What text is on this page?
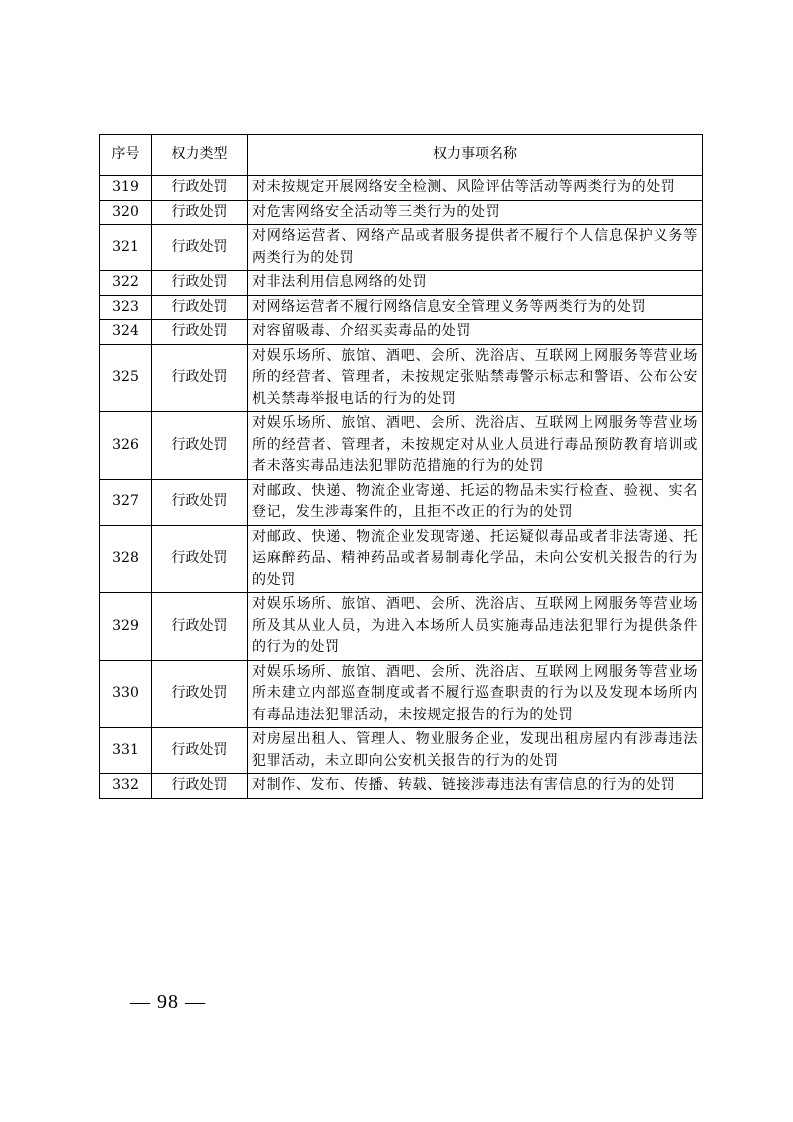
序号	权力类型	权力事项名称
319	行政处罚	对未按规定开展网络安全检测、风险评估等活动等两类行为的处罚
320	行政处罚	对危害网络安全活动等三类行为的处罚
321	行政处罚	对网络运营者、网络产品或者服务提供者不履行个人信息保护义务等两类行为的处罚
322	行政处罚	对非法利用信息网络的处罚
323	行政处罚	对网络运营者不履行网络信息安全管理义务等两类行为的处罚
324	行政处罚	对容留吸毒、介绍买卖毒品的处罚
325	行政处罚	对娱乐场所、旅馆、酒吧、会所、洗浴店、互联网上网服务等营业场所的经营者、管理者，未按规定张贴禁毒警示标志和警语、公布公安机关禁毒举报电话的行为的处罚
326	行政处罚	对娱乐场所、旅馆、酒吧、会所、洗浴店、互联网上网服务等营业场所的经营者、管理者，未按规定对从业人员进行毒品预防教育培训或者未落实毒品违法犯罪防范措施的行为的处罚
327	行政处罚	对邮政、快递、物流企业寄递、托运的物品未实行检查、验视、实名登记，发生涉毒案件的，且拒不改正的行为的处罚
328	行政处罚	对邮政、快递、物流企业发现寄递、托运疑似毒品或者非法寄递、托运麻醉药品、精神药品或者易制毒化学品，未向公安机关报告的行为的处罚
329	行政处罚	对娱乐场所、旅馆、酒吧、会所、洗浴店、互联网上网服务等营业场所及其从业人员，为进入本场所人员实施毒品违法犯罪行为提供条件的行为的处罚
330	行政处罚	对娱乐场所、旅馆、酒吧、会所、洗浴店、互联网上网服务等营业场所未建立内部巡查制度或者不履行巡查职责的行为以及发现本场所内有毒品违法犯罪活动，未按规定报告的行为的处罚
331	行政处罚	对房屋出租人、管理人、物业服务企业，发现出租房屋内有涉毒违法犯罪活动，未立即向公安机关报告的行为的处罚
332	行政处罚	对制作、发布、传播、转载、链接涉毒违法有害信息的行为的处罚
— 98 —
